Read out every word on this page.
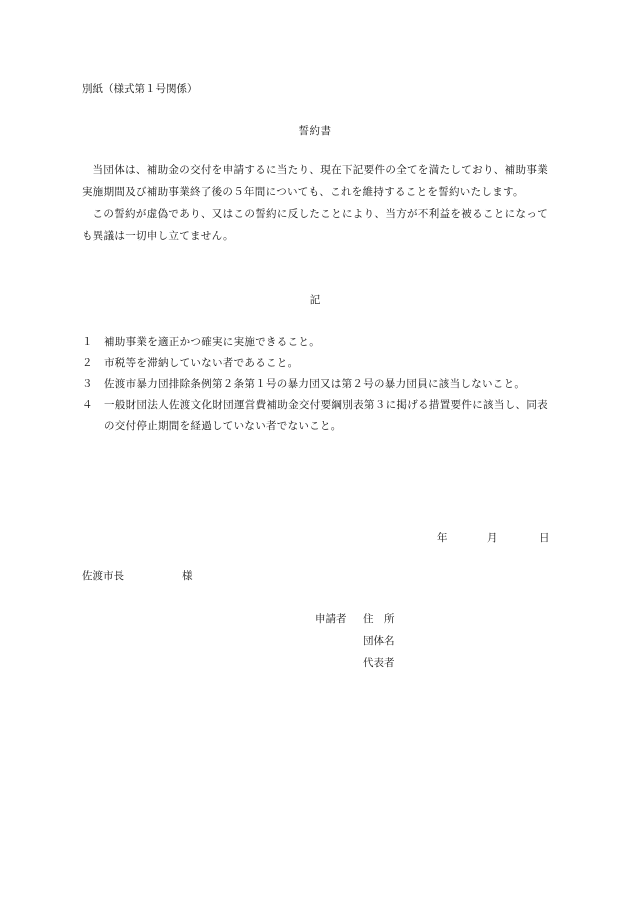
別紙（様式第１号関係）
誓約書

当団体は、補助金の交付を申請するに当たり、現在下記要件の全てを満たしており、補助事業実施期間及び補助事業終了後の５年間についても、これを維持することを誓約いたします。

この誓約が虚偽であり、又はこの誓約に反したことにより、当方が不利益を被ることになっても異議は一切申し立てません。

記
１	補助事業を適正かつ確実に実施できること。
２	市税等を滞納していない者であること。
３	佐渡市暴力団排除条例第２条第１号の暴力団又は第２号の暴力団員に該当しないこと。
４	一般財団法人佐渡文化財団運営費補助金交付要綱別表第３に掲げる措置要件に該当し、同表の交付停止期間を経過していない者でないこと。
年	月	日
佐渡市長	様
申請者	住　所
団体名
代表者
